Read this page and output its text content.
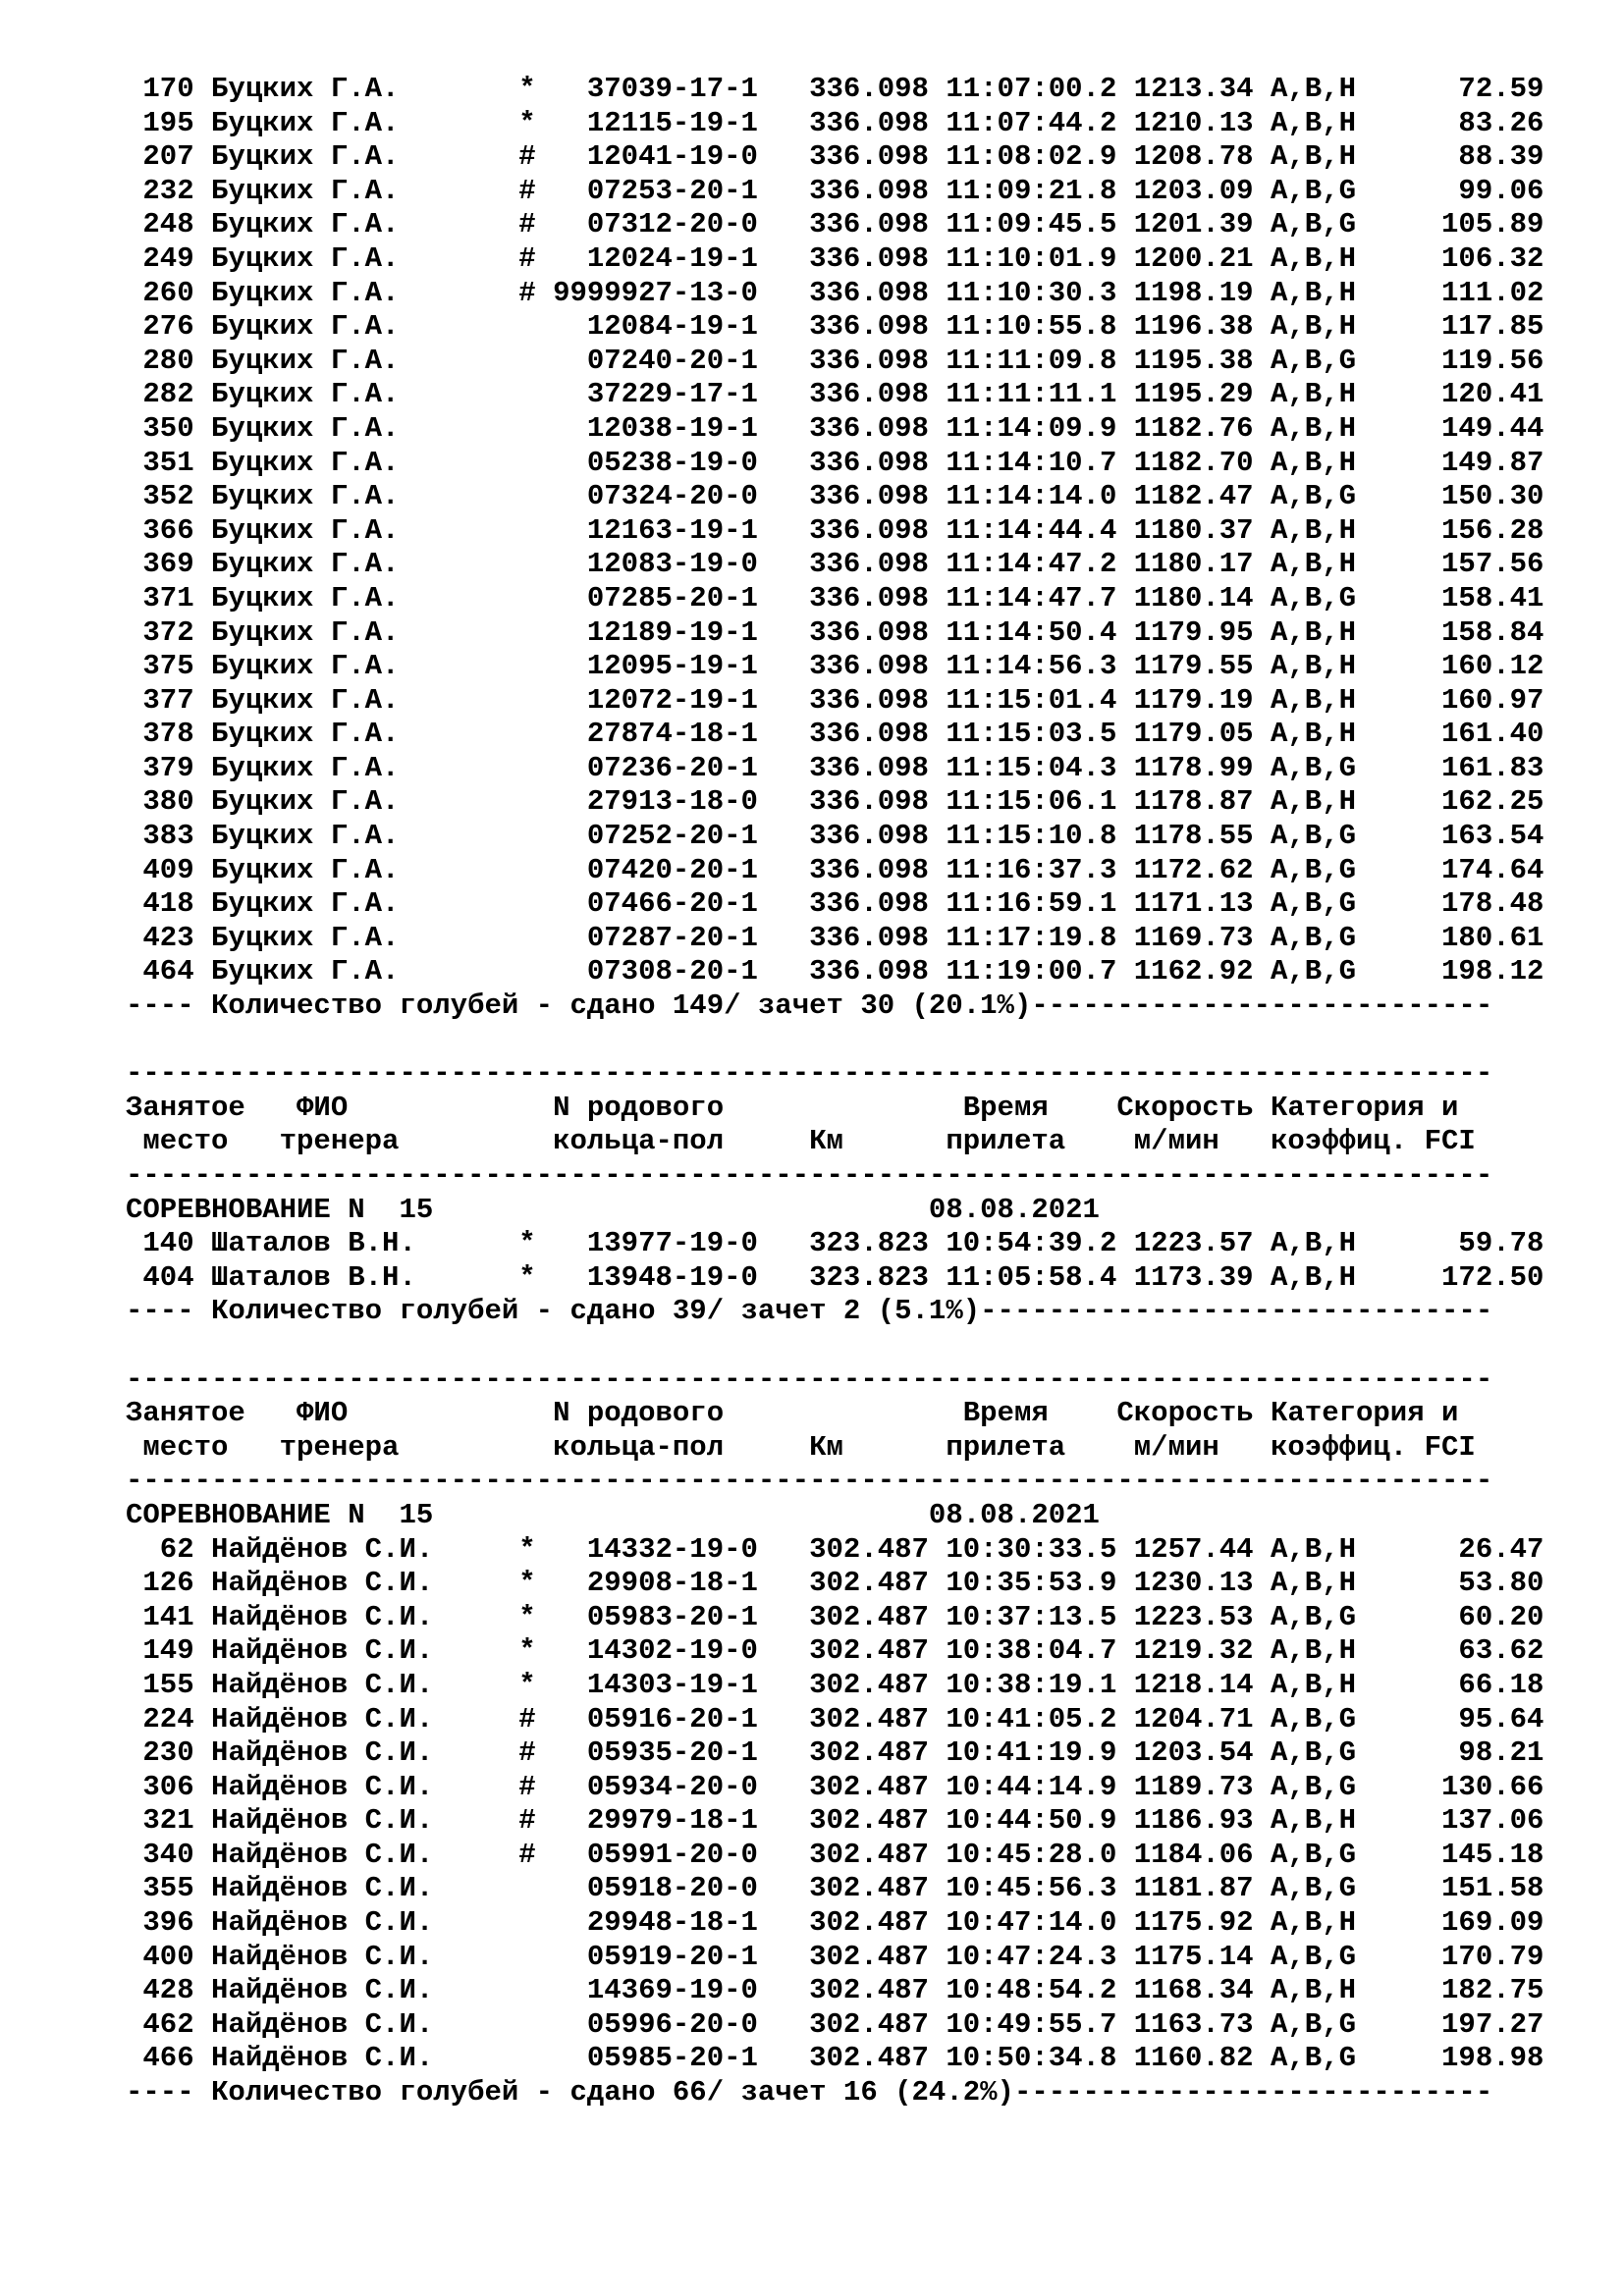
170 Буцких Г.А.       *   37039-17-1   336.098 11:07:00.2 1213.34 A,B,H      72.59
195 Буцких Г.А.       *   12115-19-1   336.098 11:07:44.2 1210.13 A,B,H      83.26
207 Буцких Г.А.       #   12041-19-0   336.098 11:08:02.9 1208.78 A,B,H      88.39
232 Буцких Г.А.       #   07253-20-1   336.098 11:09:21.8 1203.09 A,B,G      99.06
248 Буцких Г.А.       #   07312-20-0   336.098 11:09:45.5 1201.39 A,B,G     105.89
249 Буцких Г.А.       #   12024-19-1   336.098 11:10:01.9 1200.21 A,B,H     106.32
260 Буцких Г.А.       # 9999927-13-0   336.098 11:10:30.3 1198.19 A,B,H     111.02
276 Буцких Г.А.           12084-19-1   336.098 11:10:55.8 1196.38 A,B,H     117.85
280 Буцких Г.А.           07240-20-1   336.098 11:11:09.8 1195.38 A,B,G     119.56
282 Буцких Г.А.           37229-17-1   336.098 11:11:11.1 1195.29 A,B,H     120.41
350 Буцких Г.А.           12038-19-1   336.098 11:14:09.9 1182.76 A,B,H     149.44
351 Буцких Г.А.           05238-19-0   336.098 11:14:10.7 1182.70 A,B,H     149.87
352 Буцких Г.А.           07324-20-0   336.098 11:14:14.0 1182.47 A,B,G     150.30
366 Буцких Г.А.           12163-19-1   336.098 11:14:44.4 1180.37 A,B,H     156.28
369 Буцких Г.А.           12083-19-0   336.098 11:14:47.2 1180.17 A,B,H     157.56
371 Буцких Г.А.           07285-20-1   336.098 11:14:47.7 1180.14 A,B,G     158.41
372 Буцких Г.А.           12189-19-1   336.098 11:14:50.4 1179.95 A,B,H     158.84
375 Буцких Г.А.           12095-19-1   336.098 11:14:56.3 1179.55 A,B,H     160.12
377 Буцких Г.А.           12072-19-1   336.098 11:15:01.4 1179.19 A,B,H     160.97
378 Буцких Г.А.           27874-18-1   336.098 11:15:03.5 1179.05 A,B,H     161.40
379 Буцких Г.А.           07236-20-1   336.098 11:15:04.3 1178.99 A,B,G     161.83
380 Буцких Г.А.           27913-18-0   336.098 11:15:06.1 1178.87 A,B,H     162.25
383 Буцких Г.А.           07252-20-1   336.098 11:15:10.8 1178.55 A,B,G     163.54
409 Буцких Г.А.           07420-20-1   336.098 11:16:37.3 1172.62 A,B,G     174.64
418 Буцких Г.А.           07466-20-1   336.098 11:16:59.1 1171.13 A,B,G     178.48
423 Буцких Г.А.           07287-20-1   336.098 11:17:19.8 1169.73 A,B,G     180.61
464 Буцких Г.А.           07308-20-1   336.098 11:19:00.7 1162.92 A,B,G     198.12
---- Количество голубей - сдано 149/ зачет 30 (20.1%)---------------------------
--------------------------------------------------------------------------------
Занятое   ФИО            N родового              Время    Скорость Категория и
место   тренера         кольца-пол     Км      прилета    м/мин   коэффиц. FCI
--------------------------------------------------------------------------------
СОРЕВНОВАНИЕ N  15                             08.08.2021
140 Шаталов В.Н.      *   13977-19-0   323.823 10:54:39.2 1223.57 A,B,H      59.78
404 Шаталов В.Н.      *   13948-19-0   323.823 11:05:58.4 1173.39 A,B,H     172.50
---- Количество голубей - сдано 39/ зачет 2 (5.1%)------------------------------
--------------------------------------------------------------------------------
Занятое   ФИО            N родового              Время    Скорость Категория и
место   тренера         кольца-пол     Км      прилета    м/мин   коэффиц. FCI
--------------------------------------------------------------------------------
СОРЕВНОВАНИЕ N  15                             08.08.2021
62 Найдёнов С.И.     *   14332-19-0   302.487 10:30:33.5 1257.44 A,B,H      26.47
126 Найдёнов С.И.     *   29908-18-1   302.487 10:35:53.9 1230.13 A,B,H      53.80
141 Найдёнов С.И.     *   05983-20-1   302.487 10:37:13.5 1223.53 A,B,G      60.20
149 Найдёнов С.И.     *   14302-19-0   302.487 10:38:04.7 1219.32 A,B,H      63.62
155 Найдёнов С.И.     *   14303-19-1   302.487 10:38:19.1 1218.14 A,B,H      66.18
224 Найдёнов С.И.     #   05916-20-1   302.487 10:41:05.2 1204.71 A,B,G      95.64
230 Найдёнов С.И.     #   05935-20-1   302.487 10:41:19.9 1203.54 A,B,G      98.21
306 Найдёнов С.И.     #   05934-20-0   302.487 10:44:14.9 1189.73 A,B,G     130.66
321 Найдёнов С.И.     #   29979-18-1   302.487 10:44:50.9 1186.93 A,B,H     137.06
340 Найдёнов С.И.     #   05991-20-0   302.487 10:45:28.0 1184.06 A,B,G     145.18
355 Найдёнов С.И.         05918-20-0   302.487 10:45:56.3 1181.87 A,B,G     151.58
396 Найдёнов С.И.         29948-18-1   302.487 10:47:14.0 1175.92 A,B,H     169.09
400 Найдёнов С.И.         05919-20-1   302.487 10:47:24.3 1175.14 A,B,G     170.79
428 Найдёнов С.И.         14369-19-0   302.487 10:48:54.2 1168.34 A,B,H     182.75
462 Найдёнов С.И.         05996-20-0   302.487 10:49:55.7 1163.73 A,B,G     197.27
466 Найдёнов С.И.         05985-20-1   302.487 10:50:34.8 1160.82 A,B,G     198.98
---- Количество голубей - сдано 66/ зачет 16 (24.2%)----------------------------
